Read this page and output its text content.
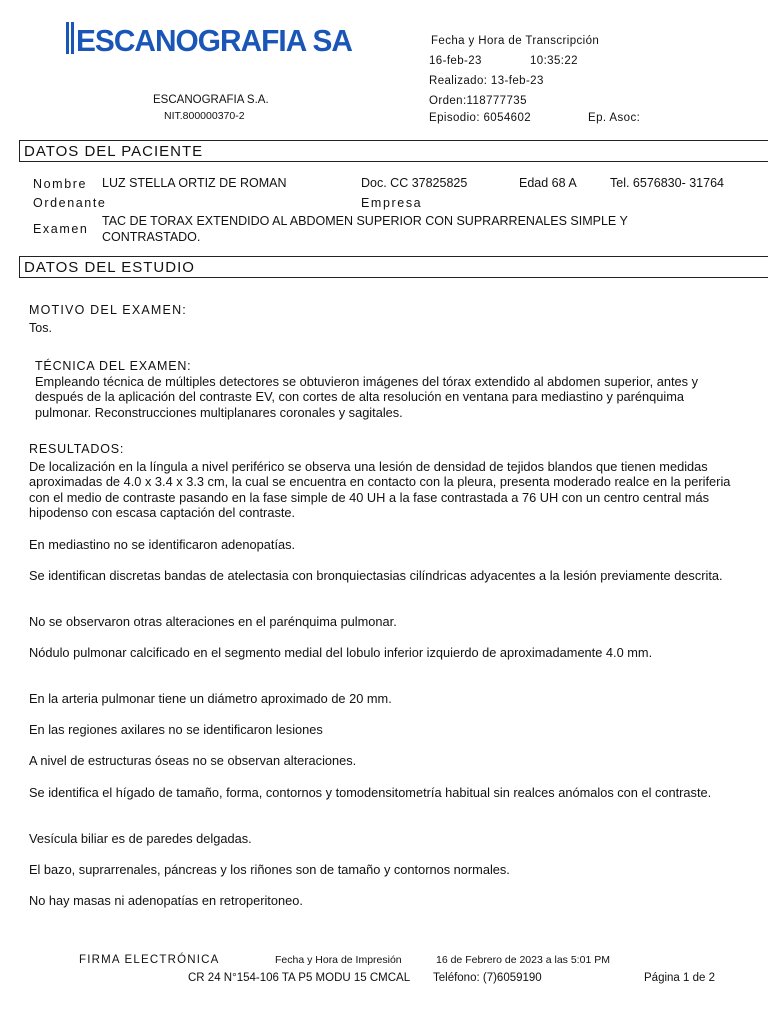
ESCANOGRAFIA SA
ESCANOGRAFIA S.A.
NIT.800000370-2
Fecha y Hora de Transcripción
16-feb-23	10:35:22
Realizado: 13-feb-23
Orden:118777735
Episodio: 6054602	Ep. Asoc:
DATOS DEL PACIENTE
Nombre LUZ STELLA ORTIZ DE ROMAN	Doc. CC 37825825	Edad 68 A	Tel. 6576830- 31764
Ordenante	Empresa
Examen
TAC DE TORAX EXTENDIDO AL ABDOMEN SUPERIOR CON SUPRARRENALES SIMPLE Y
CONTRASTADO.
DATOS DEL ESTUDIO
MOTIVO DEL EXAMEN:
Tos.
TÉCNICA DEL EXAMEN:
Empleando técnica de múltiples detectores se obtuvieron imágenes del tórax extendido al abdomen superior, antes y después de la aplicación del contraste EV, con cortes de alta resolución en ventana para mediastino y parénquima pulmonar. Reconstrucciones multiplanares coronales y sagitales.
RESULTADOS:
De localización en la língula a nivel periférico se observa una lesión de densidad de tejidos blandos que tienen medidas aproximadas de 4.0 x 3.4 x 3.3 cm, la cual se encuentra en contacto con la pleura, presenta moderado realce en la periferia con el medio de contraste pasando en la fase simple de 40 UH a la fase contrastada a 76 UH con un centro central más hipodenso con escasa captación del contraste.
En mediastino no se identificaron adenopatías.
Se identifican discretas bandas de atelectasia con bronquiectasias cilíndricas adyacentes a la lesión previamente descrita.
No se observaron otras alteraciones en el parénquima pulmonar.
Nódulo pulmonar calcificado en el segmento medial del lobulo inferior izquierdo de aproximadamente 4.0 mm.
En la arteria pulmonar tiene un diámetro aproximado de 20 mm.
En las regiones axilares no se identificaron lesiones
A nivel de estructuras óseas no se observan alteraciones.
Se identifica el hígado de tamaño, forma, contornos y tomodensitometría habitual sin realces anómalos con el contraste.
Vesícula biliar es de paredes delgadas.
El bazo, suprarrenales, páncreas y los riñones son de tamaño y contornos normales.
No hay masas ni adenopatías en retroperitoneo.
FIRMA ELECTRÓNICA	Fecha y Hora de Impresión	16 de Febrero de 2023 a las 5:01 PM
CR 24 N°154-106 TA P5 MODU 15 CMCAL Teléfono: (7)6059190	Página 1 de 2
